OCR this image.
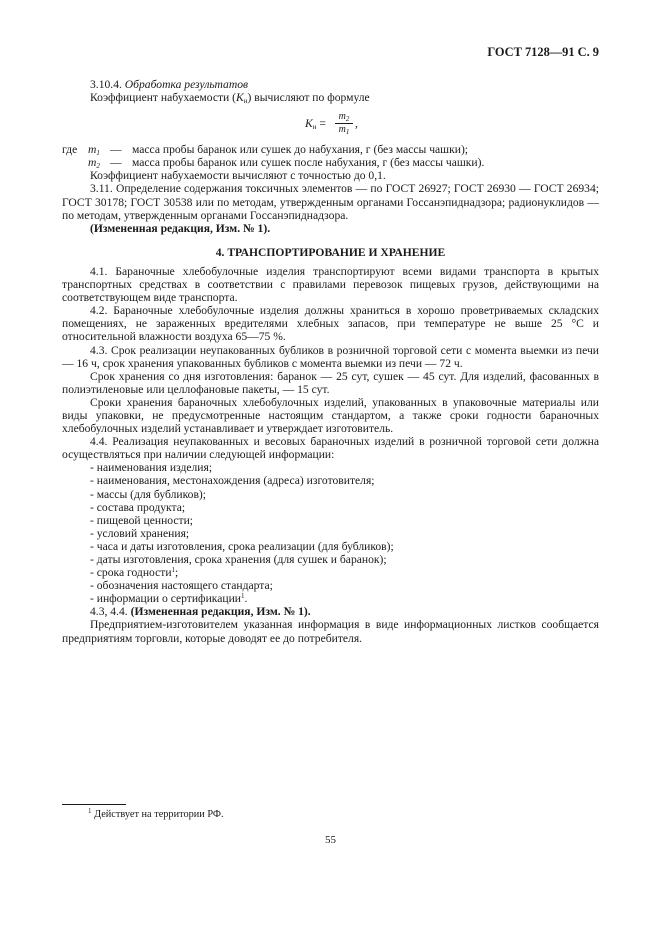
ГОСТ 7128—91 С. 9

3.10.4. Обработка результатов

Коэффициент набухаемости $(K_н)$ вычисляют по формуле

$K_н = \frac{m_2}{m_1}$ ,
где $m_1$ — масса пробы баранок или сушек до набухания, г (без массы чашки);
$m_2$ — масса пробы баранок или сушек после набухания, г (без массы чашки).

Коэффициент набухаемости вычисляют с точностью до 0,1.

3.11. Определение содержания токсичных элементов — по ГОСТ 26927; ГОСТ 26930 — ГОСТ 26934; ГОСТ 30178; ГОСТ 30538 или по методам, утвержденным органами Госсанэпиднадзора; радионуклидов — по методам, утвержденным органами Госсанэпиднадзора.

(Измененная редакция, Изм. № 1).

4. ТРАНСПОРТИРОВАНИЕ И ХРАНЕНИЕ

4.1. Бараночные хлебобулочные изделия транспортируют всеми видами транспорта в крытых транспортных средствах в соответствии с правилами перевозок пищевых грузов, действующими на соответствующем виде транспорта.

4.2. Бараночные хлебобулочные изделия должны храниться в хорошо проветриваемых складских помещениях, не зараженных вредителями хлебных запасов, при температуре не выше 25 °С и относительной влажности воздуха 65—75 %.

4.3. Срок реализации неупакованных бубликов в розничной торговой сети с момента выемки из печи — 16 ч, срок хранения упакованных бубликов с момента выемки из печи — 72 ч.

Срок хранения со дня изготовления: баранок — 25 сут, сушек — 45 сут. Для изделий, фасованных в полиэтиленовые или целлофановые пакеты, — 15 сут.

Сроки хранения бараночных хлебобулочных изделий, упакованных в упаковочные материалы или виды упаковки, не предусмотренные настоящим стандартом, а также сроки годности бараночных хлебобулочных изделий устанавливает и утверждает изготовитель.

4.4. Реализация неупакованных и весовых бараночных изделий в розничной торговой сети должна осуществляться при наличии следующей информации:

- наименования изделия;

- наименования, местонахождения (адреса) изготовителя;

- массы (для бубликов);

- состава продукта;

- пищевой ценности;

- условий хранения;

- часа и даты изготовления, срока реализации (для бубликов);

- даты изготовления, срока хранения (для сушек и баранок);

- срока годности$^1$;

- обозначения настоящего стандарта;

- информации о сертификации$^1$.

4.3, 4.4. (Измененная редакция, Изм. № 1).

Предприятием-изготовителем указанная информация в виде информационных листков сообщается предприятиям торговли, которые доводят ее до потребителя.

$^1$ Действует на территории РФ.
55
